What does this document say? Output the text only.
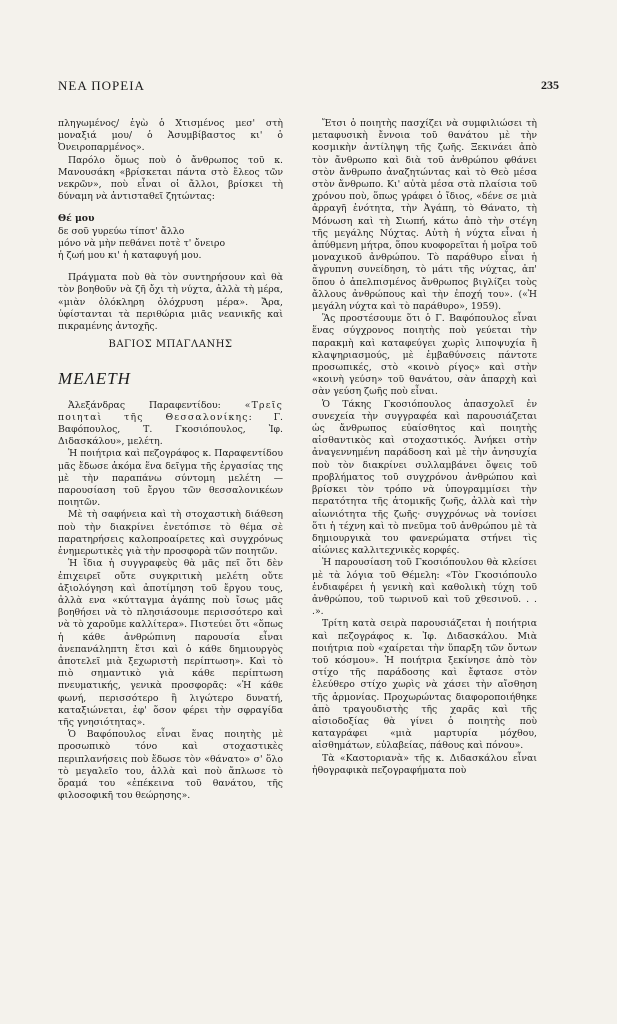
ΝΕΑ ΠΟΡΕΙΑ	235

πληγωμένος/ ἐγὼ ὁ Χτισμένος μεσ' στὴ μοναξιά μου/ ὁ Ἀσυμβίβαστος κι' ὁ Ὀνειροπαρμένος».

Παρόλο ὅμως ποὺ ὁ ἄνθρωπος τοῦ κ. Μανουσάκη «βρίσκεται πάντα στὸ ἔλεος τῶν νεκρῶν», ποὺ εἶναι οἱ ἄλλοι, βρίσκει τὴ δύναμη νὰ ἀντισταθεῖ ζητώντας:

Θέ μου
δε σοῦ γυρεύω τίποτ' ἄλλο
μόνο νὰ μὴν πεθάνει ποτὲ τ' ὄνειρο
ἡ ζωή μου κι' ἡ καταφυγή μου.

Πράγματα ποὺ θὰ τὸν συντηρήσουν καὶ θὰ τὸν βοηθοῦν νὰ ζῆ ὄχι τὴ νύχτα, ἀλλὰ τὴ μέρα, «μιὰν ὁλόκληρη ὁλόχρυση μέρα». Ἄρα, ὑφίστανται τὰ περιθώρια μιᾶς νεανικῆς καὶ πικραμένης ἀντοχῆς.

ΒΑΓΙΟΣ ΜΠΑΓΛΑΝΗΣ
ΜΕΛΕΤΗ

Ἀλεξάνδρας Παραφεντίδου:	«Τρεῖς ποιηταὶ τῆς Θεσσαλονίκης: Γ. Βαφόπουλος, Τ. Γκοσιόπουλος, Ἰφ. Διδασκάλου», μελέτη.

Ἡ ποιήτρια καὶ πεζογράφος κ. Παραφεντίδου μᾶς ἔδωσε ἀκόμα ἕνα δεῖγμα τῆς ἐργασίας της μὲ τὴν παραπάνω σύντομη μελέτη — παρουσίαση τοῦ ἔργου τῶν θεσσαλονικέων ποιητῶν.

Μὲ τὴ σαφήνεια καὶ τὴ στοχαστικὴ διάθεση ποὺ τὴν διακρίνει ἐνετόπισε τὸ θέμα σὲ παρατηρήσεις καλοπροαίρετες καὶ συγχρόνως ἐνημερωτικὲς γιὰ τὴν προσφορὰ τῶν ποιητῶν.

Ἡ ἴδια ἡ συγγραφεὺς θὰ μᾶς πεῖ ὅτι δὲν ἐπιχειρεῖ οὔτε συγκριτικὴ μελέτη οὔτε ἀξιολόγηση καὶ ἀποτίμηση τοῦ ἔργου τους, ἀλλὰ ενα «κύτταγμα ἀγάπης ποὺ ἴσως μᾶς βοηθήσει νὰ τὸ πλησιάσουμε περισσότερο καὶ νὰ τὸ χαροῦμε καλλίτερα». Πιστεύει ὅτι «ὅπως ἡ κάθε ἀνθρώπινη παρουσία εἶναι ἀνεπανάληπτη ἔτσι καὶ ὁ κάθε δημιουργὸς ἀποτελεῖ μιὰ ξεχωριστὴ περίπτωση». Καὶ τὸ πιὸ σημαντικὸ γιὰ κάθε περίπτωση πνευματικής, γενικὰ προσφορᾶς: «Ἡ κάθε φωνή, περισσότερο ἢ λιγώτερο δυνατή, καταξιώνεται, ἐφ' ὅσον φέρει τὴν σφραγίδα τῆς γνησιότητας».

Ὁ Βαφόπουλος εἶναι ἕνας ποιητὴς μὲ προσωπικὸ τόνο καὶ στοχαστικὲς περιπλανήσεις ποὺ ἔδωσε τὸν «θάνατο» σ' ὅλο τὸ μεγαλεῖο του, ἀλλὰ καὶ ποὺ ἄπλωσε τὸ ὅραμά του «ἐπέκεινα τοῦ θανάτου, τῆς φιλοσοφικῆ του θεώρησης».

Ἔτσι ὁ ποιητὴς πασχίζει νὰ συμφιλιώσει τὴ μεταφυσικὴ ἔννοια τοῦ θανάτου μὲ τὴν κοσμικὴν ἀντίληψη τῆς ζωῆς. Ξεκινάει ἀπὸ τὸν ἄνθρωπο καὶ διὰ τοῦ ἀνθρώπου φθάνει στὸν ἄνθρωπο ἀναζητώντας καὶ τὸ Θεὸ μέσα στὸν ἄνθρωπο. Κι' αὐτὰ μέσα στὰ πλαίσια τοῦ χρόνου ποὺ, ὅπως γράφει ὁ ἴδιος, «δένε σε μιὰ ἀρραγῆ ἑνότητα, τὴν Ἀγάπη, τὸ Θάνατο, τὴ Μόνωση καὶ τὴ Σιωπή, κάτω ἀπὸ τὴν στέγη τῆς μεγάλης Νύχτας. Αὐτὴ ἡ νύχτα εἶναι ἡ ἀπύθμενη μήτρα, ὅπου κυοφορεῖται ἡ μοῖρα τοῦ μοναχικοῦ ἀνθρώπου. Τὸ παράθυρο εἶναι ἡ ἄγρυπνη συνείδηση, τὸ μάτι τῆς νύχτας, ἀπ' ὅπου ὁ ἀπελπισμένος ἄνθρωπος βιγλίζει τοὺς ἄλλους ἀνθρώπους καὶ τὴν ἐποχή του». («Ἡ μεγάλη νύχτα καὶ τὸ παράθυρο», 1959).

Ἂς προστέσουμε ὅτι ὁ Γ. Βαφόπουλος εἶναι ἕνας σύγχρονος ποιητὴς ποὺ γεύεται τὴν παρακμὴ καὶ καταφεύγει χωρὶς λιποψυχία ἢ κλαψηριασμούς, μὲ ἐμβαθύνσεις πάντοτε προσωπικές, στὸ «κοινὸ ρίγος» καὶ στὴν «κοινὴ γεύση» τοῦ θανάτου, σὰν ἀπαρχὴ καὶ σὰν γεύση ζωῆς ποὺ εἶναι.

Ὁ Τάκης Γκοσιόπουλος ἀπασχολεῖ ἐν συνεχεία τὴν συγγραφέα καὶ παρουσιάζεται ὡς ἄνθρωπος εὐαίσθητος καὶ ποιητὴς αἰσθαντικὸς καὶ στοχαστικός. Ἀνήκει στὴν ἀναγεννημένη παράδοση καὶ μὲ τὴν ἀνησυχία ποὺ τὸν διακρίνει συλλαμβάνει ὄψεις τοῦ προβλήματος τοῦ συγχρόνου ἀνθρώπου καὶ βρίσκει τὸν τρόπο νὰ ὑπογραμμίσει τὴν περατότητα τῆς ἀτομικῆς ζωῆς, ἀλλὰ καὶ τὴν αἰωνιότητα τῆς ζωῆς· συγχρόνως νὰ τονίσει ὅτι ἡ τέχνη καὶ τὸ πνεῦμα τοῦ ἀνθρώπου μὲ τὰ δημιουργικὰ του φανερώματα στήνει τὶς αἰώνιες καλλιτεχνικὲς κορφές.

Ἡ παρουσίαση τοῦ Γκοσιόπουλου θὰ κλείσει μὲ τὰ λόγια τοῦ Θέμελη: «Τὸν Γκοσιόπουλο ἐνδιαφέρει ἡ γενικὴ καὶ καθολικὴ τύχη τοῦ ἀνθρώπου, τοῦ τωρινοῦ καὶ τοῦ χθεσινοῦ. . . .».

Τρίτη κατὰ σειρὰ παρουσιάζεται ἡ ποιήτρια καὶ πεζογράφος κ. Ἰφ. Διδασκάλου. Μιὰ ποιήτρια ποὺ «χαίρεται τὴν ὕπαρξη τῶν ὄντων τοῦ κόσμου». Ἡ ποιήτρια ξεκίνησε ἀπὸ τὸν στίχο τῆς παράδοσης καὶ ἔφτασε στὸν ἐλεύθερο στίχο χωρὶς νὰ χάσει τὴν αἴσθηση τῆς ἁρμονίας. Προχωρώντας διαφοροποιήθηκε ἀπὸ τραγουδιστὴς τῆς χαρᾶς καὶ τῆς αἰσιοδοξίας θὰ γίνει ὁ ποιητὴς ποὺ καταγράφει «μιὰ μαρτυρία μόχθου, αἰσθημάτων, εὐλαβείας, πάθους καὶ πόνου».

Τὰ «Καστοριανὰ» τῆς κ. Διδασκάλου εἶναι ἠθογραφικὰ πεζογραφήματα ποὺ
